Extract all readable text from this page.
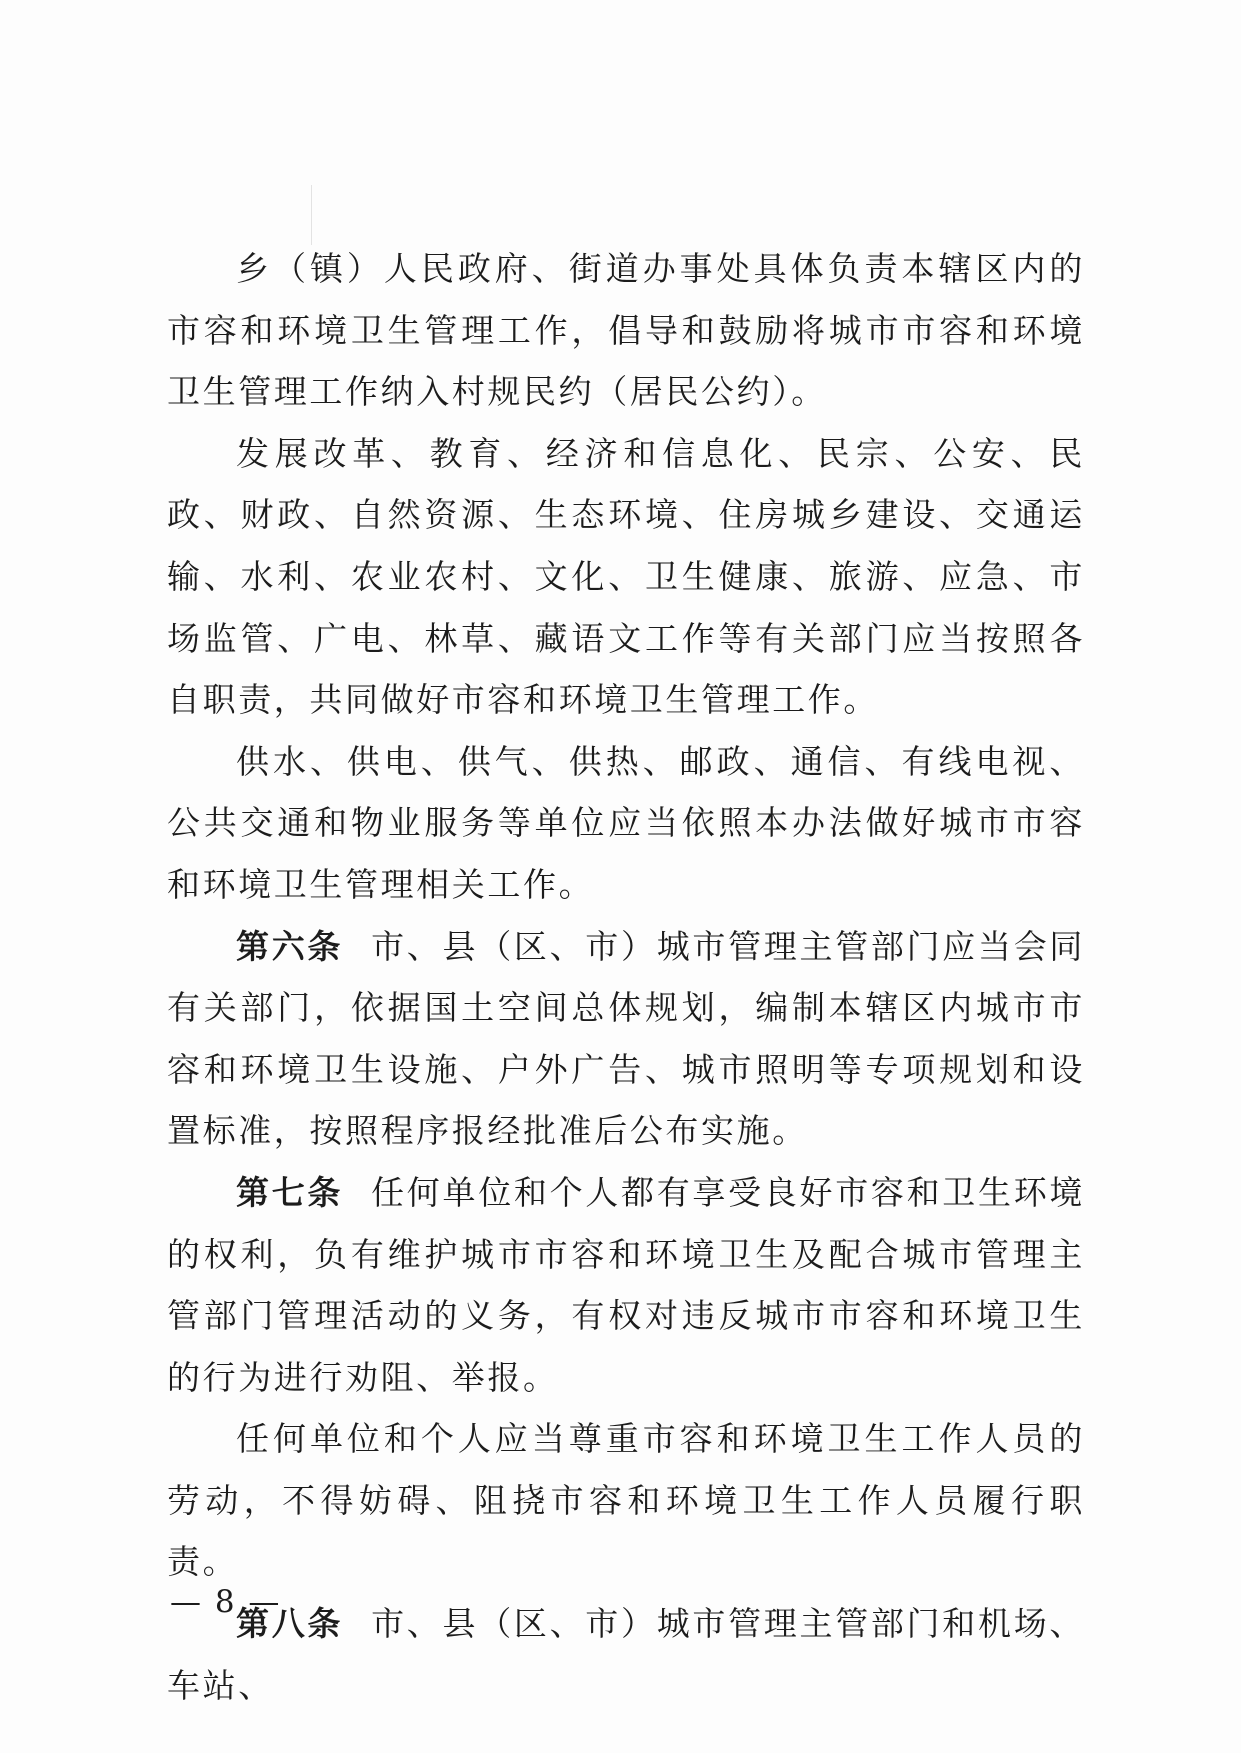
乡（镇）人民政府、街道办事处具体负责本辖区内的市容和环境卫生管理工作，倡导和鼓励将城市市容和环境卫生管理工作纳入村规民约（居民公约）。

发展改革、教育、经济和信息化、民宗、公安、民政、财政、自然资源、生态环境、住房城乡建设、交通运输、水利、农业农村、文化、卫生健康、旅游、应急、市场监管、广电、林草、藏语文工作等有关部门应当按照各自职责，共同做好市容和环境卫生管理工作。

供水、供电、供气、供热、邮政、通信、有线电视、公共交通和物业服务等单位应当依照本办法做好城市市容和环境卫生管理相关工作。

第六条 市、县（区、市）城市管理主管部门应当会同有关部门，依据国土空间总体规划，编制本辖区内城市市容和环境卫生设施、户外广告、城市照明等专项规划和设置标准，按照程序报经批准后公布实施。

第七条 任何单位和个人都有享受良好市容和卫生环境的权利，负有维护城市市容和环境卫生及配合城市管理主管部门管理活动的义务，有权对违反城市市容和环境卫生的行为进行劝阻、举报。

任何单位和个人应当尊重市容和环境卫生工作人员的劳动，不得妨碍、阻挠市容和环境卫生工作人员履行职责。

第八条 市、县（区、市）城市管理主管部门和机场、车站、

— 8 —
